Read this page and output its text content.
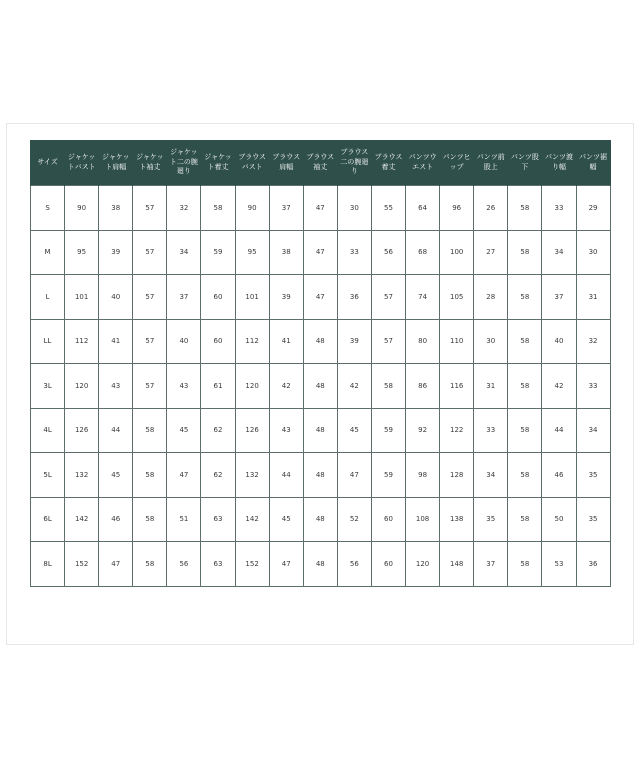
サイズ	ジャケットバスト	ジャケット肩幅	ジャケット袖丈	ジャケット二の腕廻り	ジャケット着丈	ブラウスバスト	ブラウス肩幅	ブラウス袖丈	ブラウス二の腕廻り	ブラウス着丈	パンツウエスト	パンツヒップ	パンツ前股上	パンツ股下	パンツ渡り幅	パンツ裾幅
S	90	38	57	32	58	90	37	47	30	55	64	96	26	58	33	29
M	95	39	57	34	59	95	38	47	33	56	68	100	27	58	34	30
L	101	40	57	37	60	101	39	47	36	57	74	105	28	58	37	31
LL	112	41	57	40	60	112	41	48	39	57	80	110	30	58	40	32
3L	120	43	57	43	61	120	42	48	42	58	86	116	31	58	42	33
4L	126	44	58	45	62	126	43	48	45	59	92	122	33	58	44	34
5L	132	45	58	47	62	132	44	48	47	59	98	128	34	58	46	35
6L	142	46	58	51	63	142	45	48	52	60	108	138	35	58	50	35
8L	152	47	58	56	63	152	47	48	56	60	120	148	37	58	53	36
